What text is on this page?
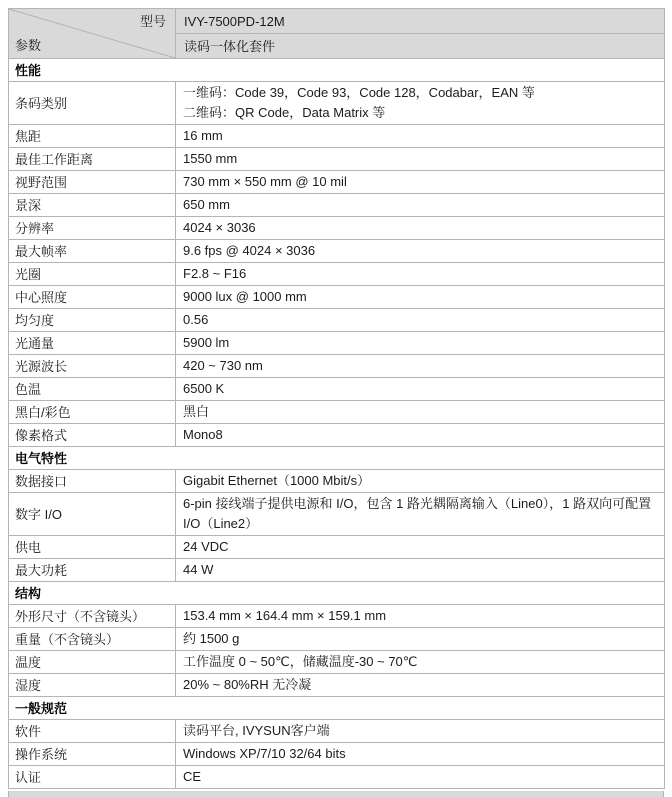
型号
参数	IVY-7500PD-12M
	读码一体化套件
性能	
条码类别	一维码：Code 39，Code 93，Code 128，Codabar，EAN 等
二维码：QR Code，Data Matrix 等

焦距	16 mm

最佳工作距离	1550 mm

视野范围	730 mm × 550 mm @ 10 mil

景深	650 mm

分辨率	4024 × 3036

最大帧率	9.6 fps @ 4024 × 3036

光圈	F2.8 ~ F16

中心照度	9000 lux @ 1000 mm

均匀度	0.56

光通量	5900 lm

光源波长	420 ~ 730 nm

色温	6500 K

黑白/彩色	黑白

像素格式	Mono8

电气特性	
数据接口	Gigabit Ethernet（1000 Mbit/s）

数字 I/O	6-pin 接线端子提供电源和 I/O，包含 1 路光耦隔离输入（Line0），1 路双向可配置 I/O（Line2）

供电	24 VDC

最大功耗	44 W

结构	
外形尺寸（不含镜头）	153.4 mm × 164.4 mm × 159.1 mm

重量（不含镜头）	约 1500 g

温度	工作温度 0 ~ 50℃，储藏温度-30 ~ 70℃

湿度	20% ~ 80%RH 无冷凝

一般规范	
软件	读码平台, IVYSUN客户端

操作系统	Windows XP/7/10 32/64 bits

认证	CE
